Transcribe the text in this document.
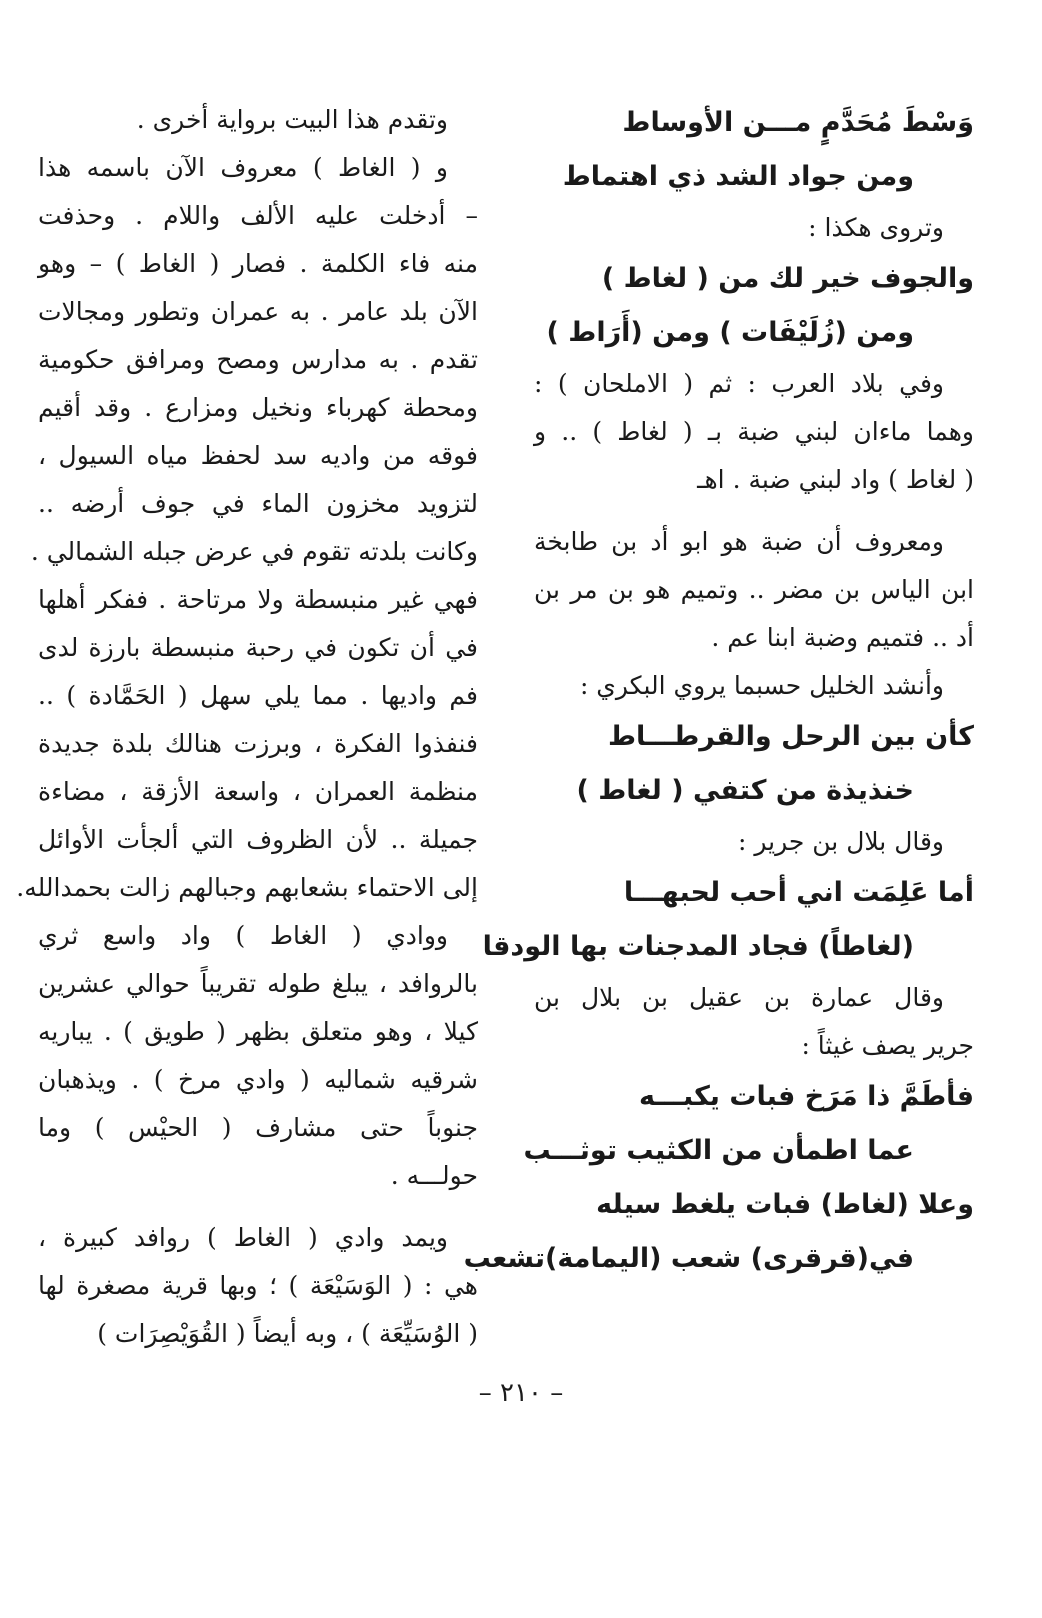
وَسْطَ مُحَدَّمٍ مـــن الأوساط

ومن جواد الشد ذي اهتماط

وتروى هكذا :

والجوف خير لك من ( لغاط )

ومن (زُلَيْفَات ) ومن (أَرَاط )

وفي بلاد العرب : ثم ( الاملحان ) :

وهما ماءان لبني ضبة بـ ( لغاط ) .. و

( لغاط ) واد لبني ضبة . اهـ

ومعروف أن ضبة هو ابو أد بن طابخة

ابن الياس بن مضر .. وتميم هو بن مر بن

أد .. فتميم وضبة ابنا عم .

وأنشد الخليل حسبما يروي البكري :

كأن بين الرحل والقرطـــاط

خنذيذة من كتفي ( لغاط )

وقال بلال بن جرير :

أما عَلِمَت اني أحب لحبهـــا

(لغاطاً) فجاد المدجنات بها الودقا

وقال عمارة بن عقيل بن بلال بن

جرير يصف غيثاً :

فأطَمَّ ذا مَرَخ فبات يكبـــه

عما اطمأن من الكثيب توثـــب

وعلا (لغاط) فبات يلغط سيله

في(قرقرى) شعب (اليمامة)تشعب

وتقدم هذا البيت برواية أخرى .

و ( الغاط ) معروف الآن باسمه هذا

– أدخلت عليه الألف واللام . وحذفت

منه فاء الكلمة . فصار ( الغاط ) – وهو

الآن بلد عامر . به عمران وتطور ومجالات

تقدم . به مدارس ومصح ومرافق حكومية

ومحطة كهرباء ونخيل ومزارع . وقد أقيم

فوقه من واديه سد لحفظ مياه السيول ،

لتزويد مخزون الماء في جوف أرضه ..

وكانت بلدته تقوم في عرض جبله الشمالي .

فهي غير منبسطة ولا مرتاحة . ففكر أهلها

في أن تكون في رحبة منبسطة بارزة لدى

فم واديها . مما يلي سهل ( الحَمَّادة ) ..

فنفذوا الفكرة ، وبرزت هنالك بلدة جديدة

منظمة العمران ، واسعة الأزقة ، مضاءة

جميلة .. لأن الظروف التي ألجأت الأوائل

إلى الاحتماء بشعابهم وجبالهم زالت بحمدالله.

ووادي ( الغاط ) واد واسع ثري

بالروافد ، يبلغ طوله تقريباً حوالي عشرين

كيلا ، وهو متعلق بظهر ( طويق ) . يباريه

شرقيه شماليه ( وادي مرخ ) . ويذهبان

جنوباً حتى مشارف ( الحيْس ) وما

حولـــه .

ويمد وادي ( الغاط ) روافد كبيرة ،

هي : ( الوَسَيْعَة ) ؛ وبها قرية مصغرة لها

( الوُسَيِّعَة ) ، وبه أيضاً ( القُوَيْصِرَات )

– ٢١٠ –
